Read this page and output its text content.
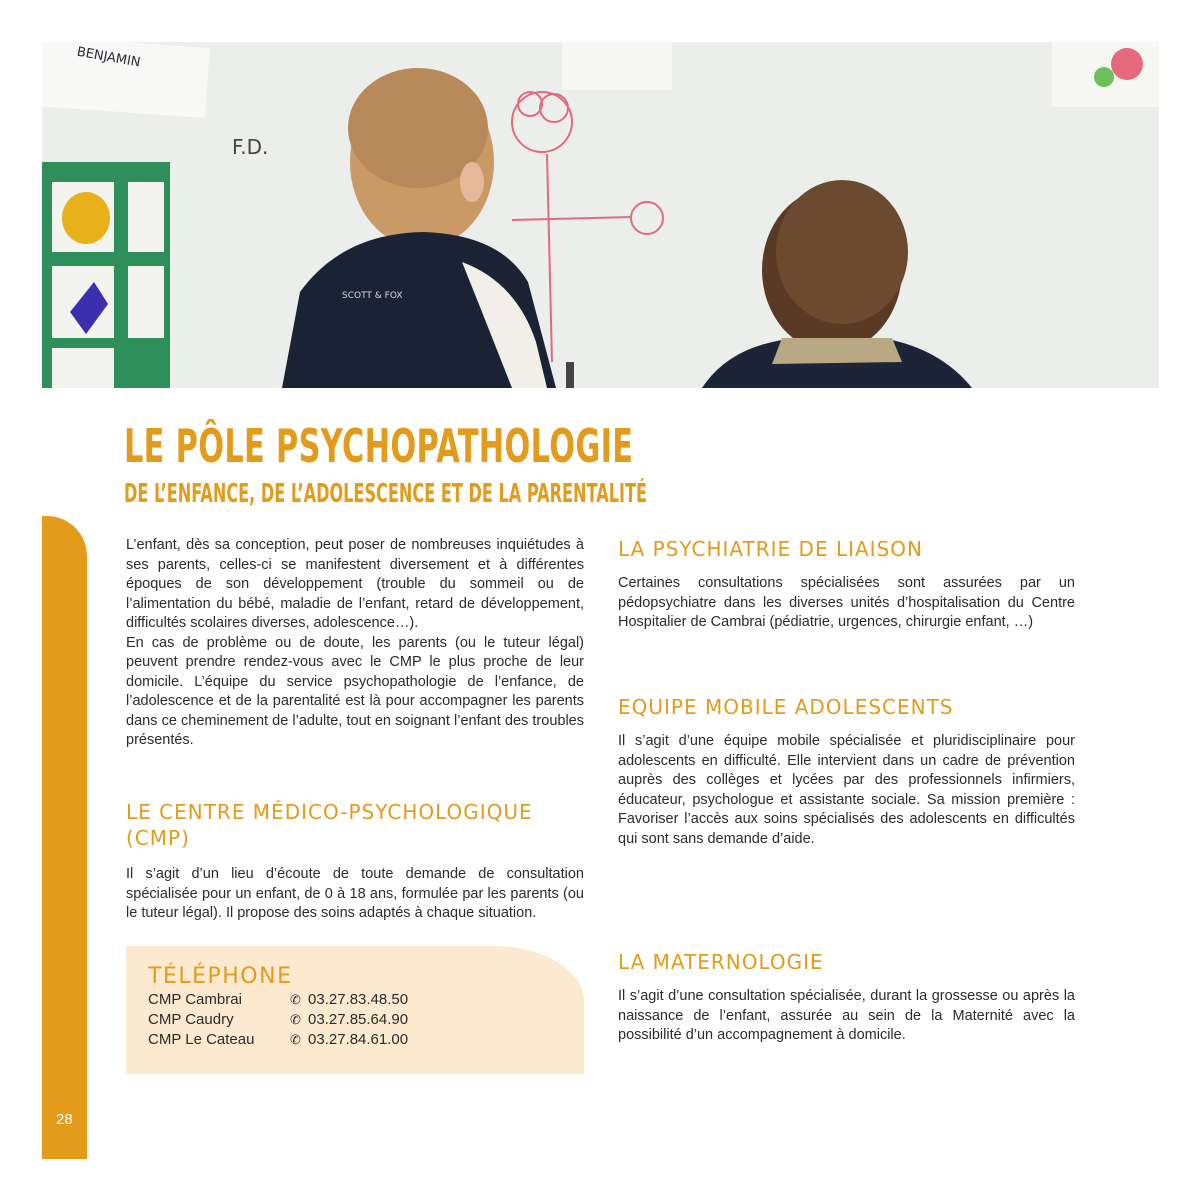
BENJAMIN
F.D.
SCOTT & FOX
28
LE PÔLE PSYCHOPATHOLOGIE
DE L’ENFANCE, DE L’ADOLESCENCE ET DE LA PARENTALITÉ

L’enfant, dès sa conception, peut poser de nombreuses inquiétudes à ses parents, celles-ci se manifestent diversement et à différentes époques de son développement (trouble du sommeil ou de l’alimentation du bébé, maladie de l’enfant, retard de développement, difficultés scolaires diverses, adolescence…).

En cas de problème ou de doute, les parents (ou le tuteur légal) peuvent prendre rendez-vous avec le CMP le plus proche de leur domicile. L’équipe du service psychopathologie de l’enfance, de l’adolescence et de la parentalité est là pour accompagner les parents dans ce cheminement de l’adulte, tout en soignant l’enfant des troubles présentés.

LE CENTRE MÉDICO-PSYCHOLOGIQUE (CMP)

Il s’agit d’un lieu d’écoute de toute demande de consultation spécialisée pour un enfant, de 0 à 18 ans, formulée par les parents (ou le tuteur légal). Il propose des soins adaptés à chaque situation.

TÉLÉPHONE
CMP Cambrai	✆ 03.27.83.48.50
CMP Caudry	✆ 03.27.85.64.90
CMP Le Cateau	✆ 03.27.84.61.00
LA PSYCHIATRIE DE LIAISON

Certaines consultations spécialisées sont assurées par un pédopsychiatre dans les diverses unités d’hospitalisation du Centre Hospitalier de Cambrai (pédiatrie, urgences, chirurgie enfant, …)

EQUIPE MOBILE ADOLESCENTS

Il s’agit d’une équipe mobile spécialisée et pluridisciplinaire pour adolescents en difficulté. Elle intervient dans un cadre de prévention auprès des collèges et lycées par des professionnels infirmiers, éducateur, psychologue et assistante sociale. Sa mission première : Favoriser l’accès aux soins spécialisés des adolescents en difficultés qui sont sans demande d’aide.

LA MATERNOLOGIE

Il s’agit d’une consultation spécialisée, durant la grossesse ou après la naissance de l’enfant, assurée au sein de la Maternité avec la possibilité d’un accompagnement à domicile.
